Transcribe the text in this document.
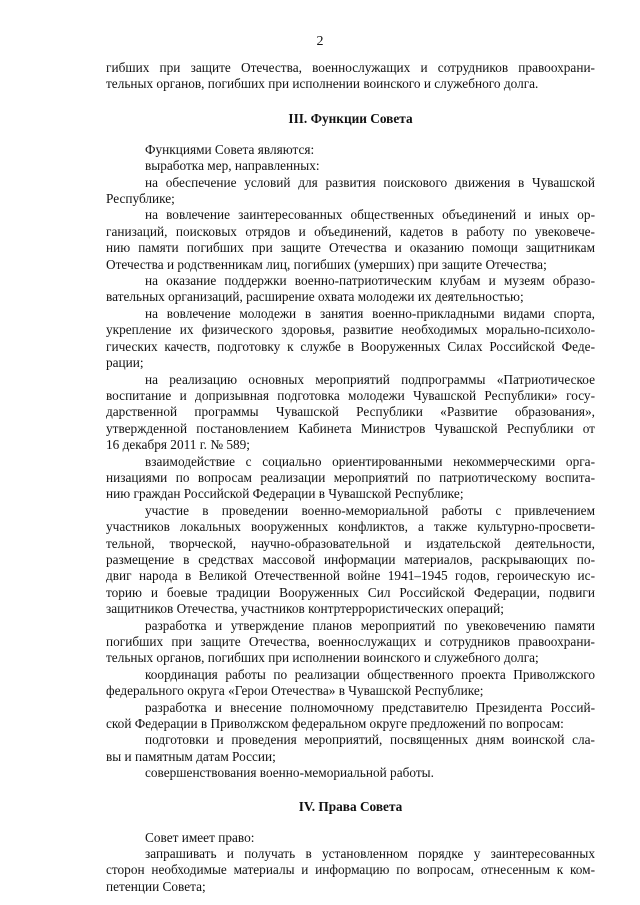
2

гибших при защите Отечества, военнослужащих и сотрудников правоохрани-

тельных органов, погибших при исполнении воинского и служебного долга.

III. Функции Совета

Функциями Совета являются:

выработка мер, направленных:

на обеспечение условий для развития поискового движения в Чувашской

Республике;

на вовлечение заинтересованных общественных объединений и иных ор-

ганизаций, поисковых отрядов и объединений, кадетов в работу по увековече-

нию памяти погибших при защите Отечества и оказанию помощи защитникам

Отечества и родственникам лиц, погибших (умерших) при защите Отечества;

на оказание поддержки военно-патриотическим клубам и музеям образо-

вательных организаций, расширение охвата молодежи их деятельностью;

на вовлечение молодежи в занятия военно-прикладными видами спорта,

укрепление их физического здоровья, развитие необходимых морально-психоло-

гических качеств, подготовку к службе в Вооруженных Силах Российской Феде-

рации;

на реализацию основных мероприятий подпрограммы «Патриотическое

воспитание и допризывная подготовка молодежи Чувашской Республики» госу-

дарственной программы Чувашской Республики «Развитие образования»,

утвержденной постановлением Кабинета Министров Чувашской Республики от

16 декабря 2011 г. № 589;

взаимодействие с социально ориентированными некоммерческими орга-

низациями по вопросам реализации мероприятий по патриотическому воспита-

нию граждан Российской Федерации в Чувашской Республике;

участие в проведении военно-мемориальной работы с привлечением

участников локальных вооруженных конфликтов, а также культурно-просвети-

тельной, творческой, научно-образовательной и издательской деятельности,

размещение в средствах массовой информации материалов, раскрывающих по-

двиг народа в Великой Отечественной войне 1941–1945 годов, героическую ис-

торию и боевые традиции Вооруженных Сил Российской Федерации, подвиги

защитников Отечества, участников контртеррористических операций;

разработка и утверждение планов мероприятий по увековечению памяти

погибших при защите Отечества, военнослужащих и сотрудников правоохрани-

тельных органов, погибших при исполнении воинского и служебного долга;

координация работы по реализации общественного проекта Приволжского

федерального округа «Герои Отечества» в Чувашской Республике;

разработка и внесение полномочному представителю Президента Россий-

ской Федерации в Приволжском федеральном округе предложений по вопросам:

подготовки и проведения мероприятий, посвященных дням воинской сла-

вы и памятным датам России;

совершенствования военно-мемориальной работы.

IV. Права Совета

Совет имеет право:

запрашивать и получать в установленном порядке у заинтересованных

сторон необходимые материалы и информацию по вопросам, отнесенным к ком-

петенции Совета;
